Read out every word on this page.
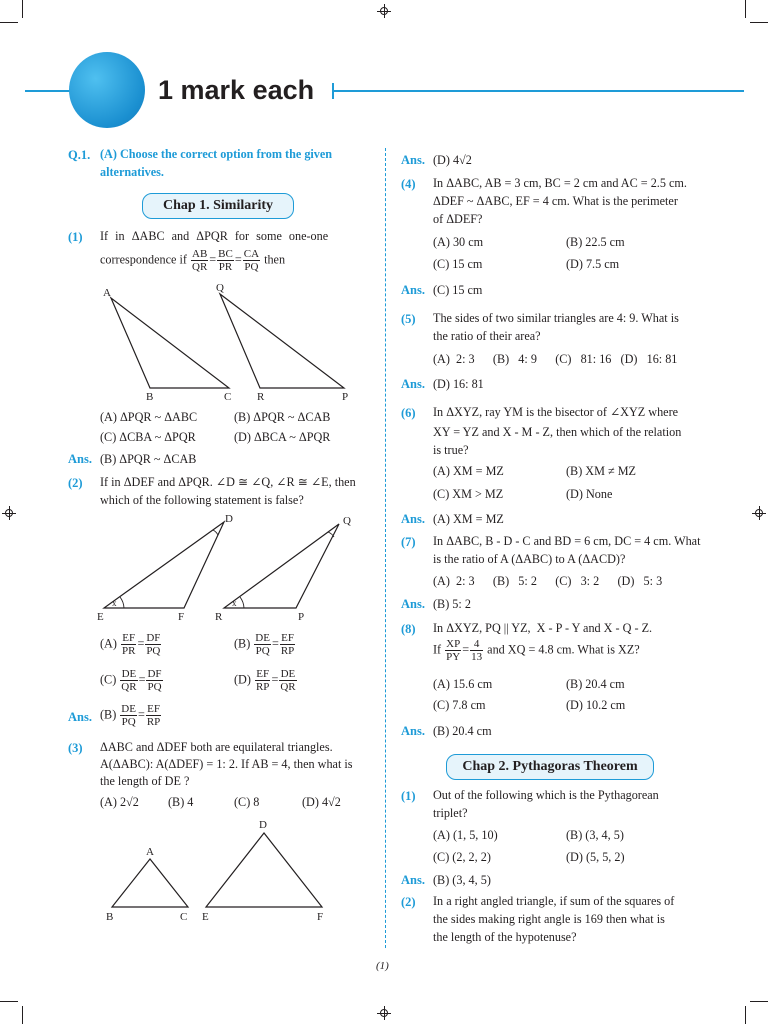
1 mark each
Q.1. (A) Choose the correct option from the given
alternatives.
Chap 1. Similarity
(1) If in ΔABC and ΔPQR for some one-one
correspondence if $\frac{AB}{QR} = \frac{BC}{PR} = \frac{CA}{PQ}$ then
A
B	C
Q
R	P
(A) ΔPQR ~ ΔABC	(B) ΔPQR ~ ΔCAB
(C) ΔCBA ~ ΔPQR	(D) ΔBCA ~ ΔPQR
Ans. (B) ΔPQR ~ ΔCAB
(2) If in ΔDEF and ΔPQR. ∠D ≅ ∠Q, ∠R ≅ ∠E, then
which of the following statement is false?
x	x
D
E	F
Q
R	P
$(A) \frac{EF}{PR} = \frac{DF}{PQ}$	$(B) \frac{DE}{PQ} = \frac{EF}{RP}$
$(C) \frac{DE}{QR} = \frac{DF}{PQ}$	$(D) \frac{EF}{RP} = \frac{DE}{QR}$
Ans. $(B) \frac{DE}{PQ} = \frac{EF}{RP}$
(3) ΔABC and ΔDEF both are equilateral triangles.
A(ΔABC): A(ΔDEF) = 1: 2. If AB = 4, then what is
the length of DE ?
(A) 2√2 (B) 4	(C) 8	(D) 4√2
A
B	C
D
E	F
Ans. (D) 4√2
(4) In ΔABC, AB = 3 cm, BC = 2 cm and AC = 2.5 cm.
ΔDEF ~ ΔABC, EF = 4 cm. What is the perimeter
of ΔDEF?
(A) 30 cm	(B) 22.5 cm
(C) 15 cm	(D) 7.5 cm
Ans. (C) 15 cm
(5) The sides of two similar triangles are 4: 9. What is
the ratio of their area?
(A)  2: 3      (B)   4: 9      (C)   81: 16   (D)   16: 81
Ans. (D) 16: 81
(6) In ΔXYZ, ray YM is the bisector of ∠XYZ where
XY = YZ and X - M - Z, then which of the relation
is true?
(A) XM = MZ	(B) XM ≠ MZ
(C) XM > MZ	(D) None
Ans. (A) XM = MZ
(7) In ΔABC, B - D - C and BD = 6 cm, DC = 4 cm. What
is the ratio of A (ΔABC) to A (ΔACD)?
(A)  2: 3      (B)   5: 2      (C)   3: 2      (D)   5: 3
Ans. (B) 5: 2
(8) In ΔXYZ, PQ || YZ,  X - P - Y and X - Q - Z.
If $\frac{XP}{PY} = \frac{4}{13}$ and XQ = 4.8 cm. What is XZ?
(A) 15.6 cm	(B) 20.4 cm
(C) 7.8 cm	(D) 10.2 cm
Ans. (B) 20.4 cm
Chap 2. Pythagoras Theorem
(1) Out of the following which is the Pythagorean
triplet?
(A) (1, 5, 10)	(B) (3, 4, 5)
(C) (2, 2, 2)	(D) (5, 5, 2)
Ans. (B) (3, 4, 5)
(2) In a right angled triangle, if sum of the squares of
the sides making right angle is 169 then what is
the length of the hypotenuse?
(1)
